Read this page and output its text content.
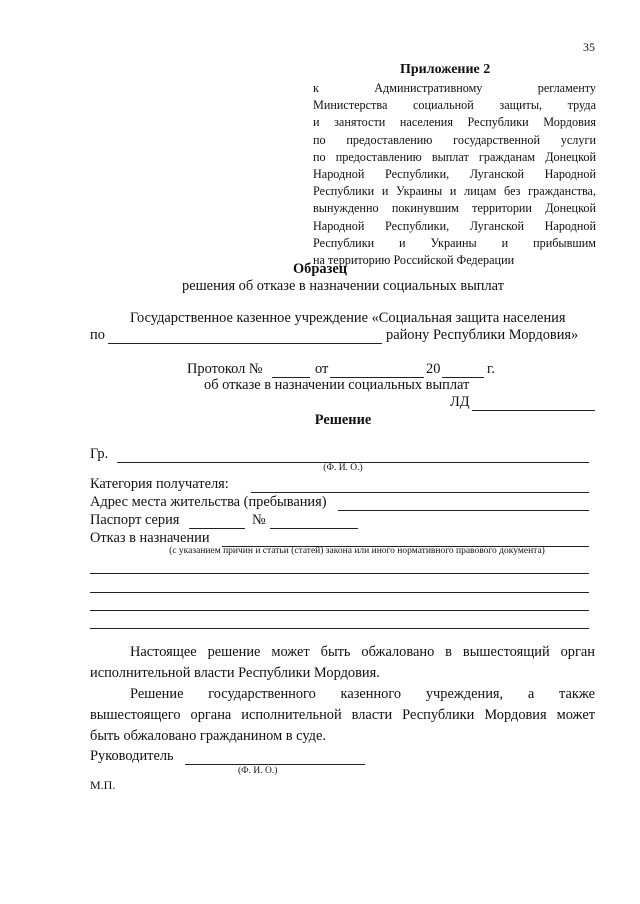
35
Приложение 2
к Административному регламенту
Министерства социальной защиты, труда
и занятости населения Республики Мордовия
по предоставлению государственной услуги
по предоставлению выплат гражданам Донецкой
Народной Республики, Луганской Народной
Республики и Украины и лицам без гражданства,
вынужденно покинувшим территории Донецкой
Народной Республики, Луганской Народной
Республики и Украины и прибывшим
на территорию Российской Федерации
Образец
решения об отказе в назначении социальных выплат
Государственное казенное учреждение «Социальная защита населения
по	району Республики Мордовия»
Протокол №	от	20	г.
об отказе в назначении социальных выплат
ЛД
Решение
Гр.
(Ф. И. О.)
Категория получателя:
Адрес места жительства (пребывания)
Паспорт серия	№
Отказ в назначении
(с указанием причин и статьи (статей) закона или иного нормативного правового документа)
Настоящее решение может быть обжаловано в вышестоящий орган
исполнительной власти Республики Мордовия.
Решение государственного казенного учреждения, а также
вышестоящего органа исполнительной власти Республики Мордовия может
быть обжаловано гражданином в суде.
Руководитель
(Ф. И. О.)
М.П.
